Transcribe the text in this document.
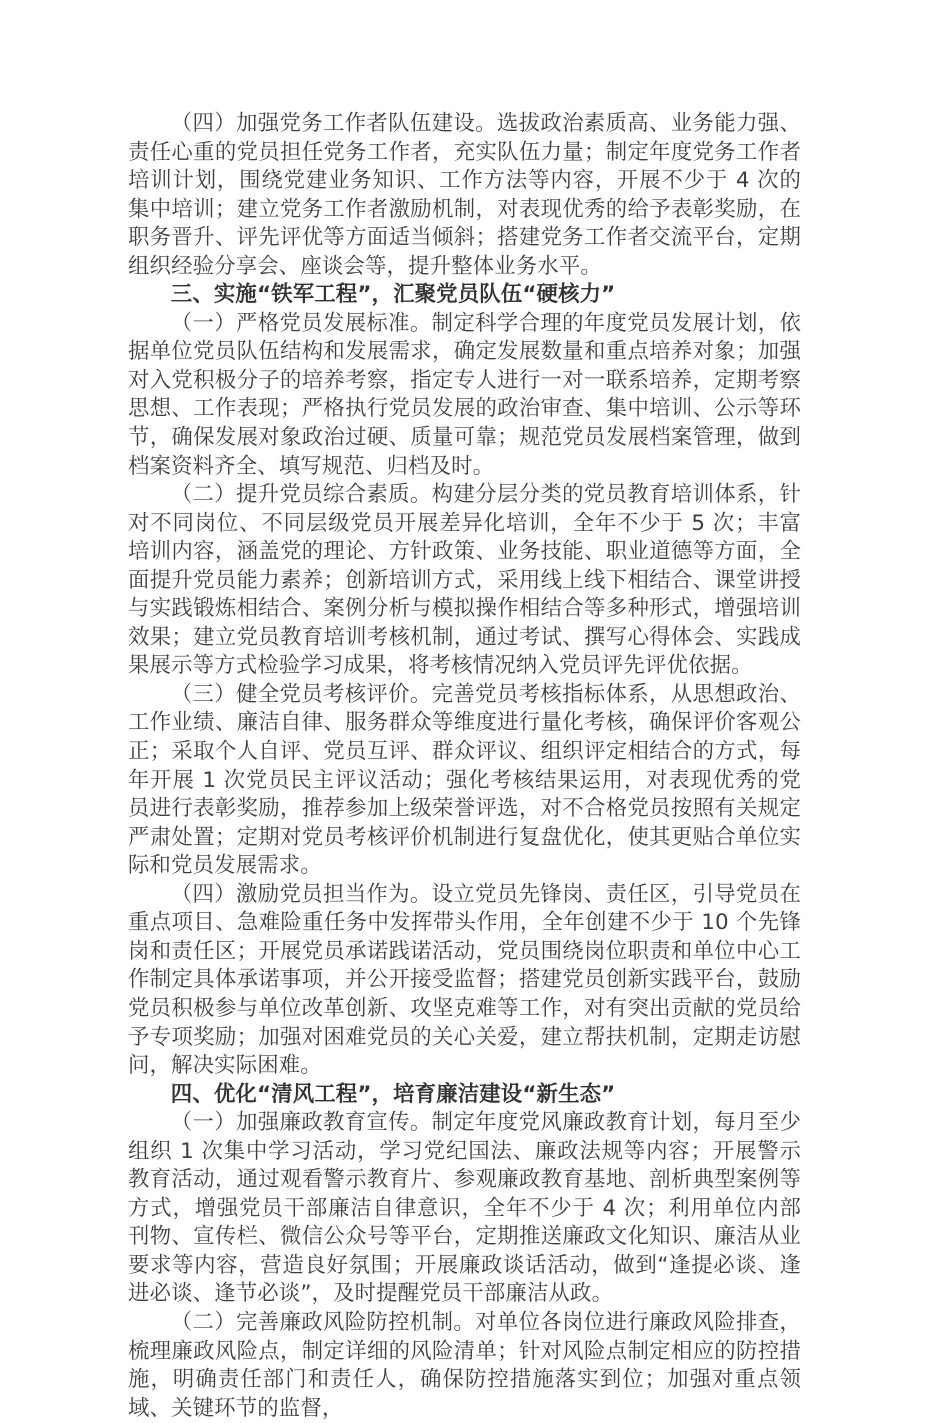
（四）加强党务工作者队伍建设。选拔政治素质高、业务能力强、责任心重的党员担任党务工作者，充实队伍力量；制定年度党务工作者培训计划，围绕党建业务知识、工作方法等内容，开展不少于 4 次的集中培训；建立党务工作者激励机制，对表现优秀的给予表彰奖励，在职务晋升、评先评优等方面适当倾斜；搭建党务工作者交流平台，定期组织经验分享会、座谈会等，提升整体业务水平。

三、实施“铁军工程”，汇聚党员队伍“硬核力”

（一）严格党员发展标准。制定科学合理的年度党员发展计划，依据单位党员队伍结构和发展需求，确定发展数量和重点培养对象；加强对入党积极分子的培养考察，指定专人进行一对一联系培养，定期考察思想、工作表现；严格执行党员发展的政治审查、集中培训、公示等环节，确保发展对象政治过硬、质量可靠；规范党员发展档案管理，做到档案资料齐全、填写规范、归档及时。

（二）提升党员综合素质。构建分层分类的党员教育培训体系，针对不同岗位、不同层级党员开展差异化培训，全年不少于 5 次；丰富培训内容，涵盖党的理论、方针政策、业务技能、职业道德等方面，全面提升党员能力素养；创新培训方式，采用线上线下相结合、课堂讲授与实践锻炼相结合、案例分析与模拟操作相结合等多种形式，增强培训效果；建立党员教育培训考核机制，通过考试、撰写心得体会、实践成果展示等方式检验学习成果，将考核情况纳入党员评先评优依据。

（三）健全党员考核评价。完善党员考核指标体系，从思想政治、工作业绩、廉洁自律、服务群众等维度进行量化考核，确保评价客观公正；采取个人自评、党员互评、群众评议、组织评定相结合的方式，每年开展 1 次党员民主评议活动；强化考核结果运用，对表现优秀的党员进行表彰奖励，推荐参加上级荣誉评选，对不合格党员按照有关规定严肃处置；定期对党员考核评价机制进行复盘优化，使其更贴合单位实际和党员发展需求。

（四）激励党员担当作为。设立党员先锋岗、责任区，引导党员在重点项目、急难险重任务中发挥带头作用，全年创建不少于 10 个先锋岗和责任区；开展党员承诺践诺活动，党员围绕岗位职责和单位中心工作制定具体承诺事项，并公开接受监督；搭建党员创新实践平台，鼓励党员积极参与单位改革创新、攻坚克难等工作，对有突出贡献的党员给予专项奖励；加强对困难党员的关心关爱，建立帮扶机制，定期走访慰问，解决实际困难。

四、优化“清风工程”，培育廉洁建设“新生态”

（一）加强廉政教育宣传。制定年度党风廉政教育计划，每月至少组织 1 次集中学习活动，学习党纪国法、廉政法规等内容；开展警示教育活动，通过观看警示教育片、参观廉政教育基地、剖析典型案例等方式，增强党员干部廉洁自律意识，全年不少于 4 次；利用单位内部刊物、宣传栏、微信公众号等平台，定期推送廉政文化知识、廉洁从业要求等内容，营造良好氛围；开展廉政谈话活动，做到“逢提必谈、逢进必谈、逢节必谈”，及时提醒党员干部廉洁从政。

（二）完善廉政风险防控机制。对单位各岗位进行廉政风险排查，梳理廉政风险点，制定详细的风险清单；针对风险点制定相应的防控措施，明确责任部门和责任人，确保防控措施落实到位；加强对重点领域、关键环节的监督，
